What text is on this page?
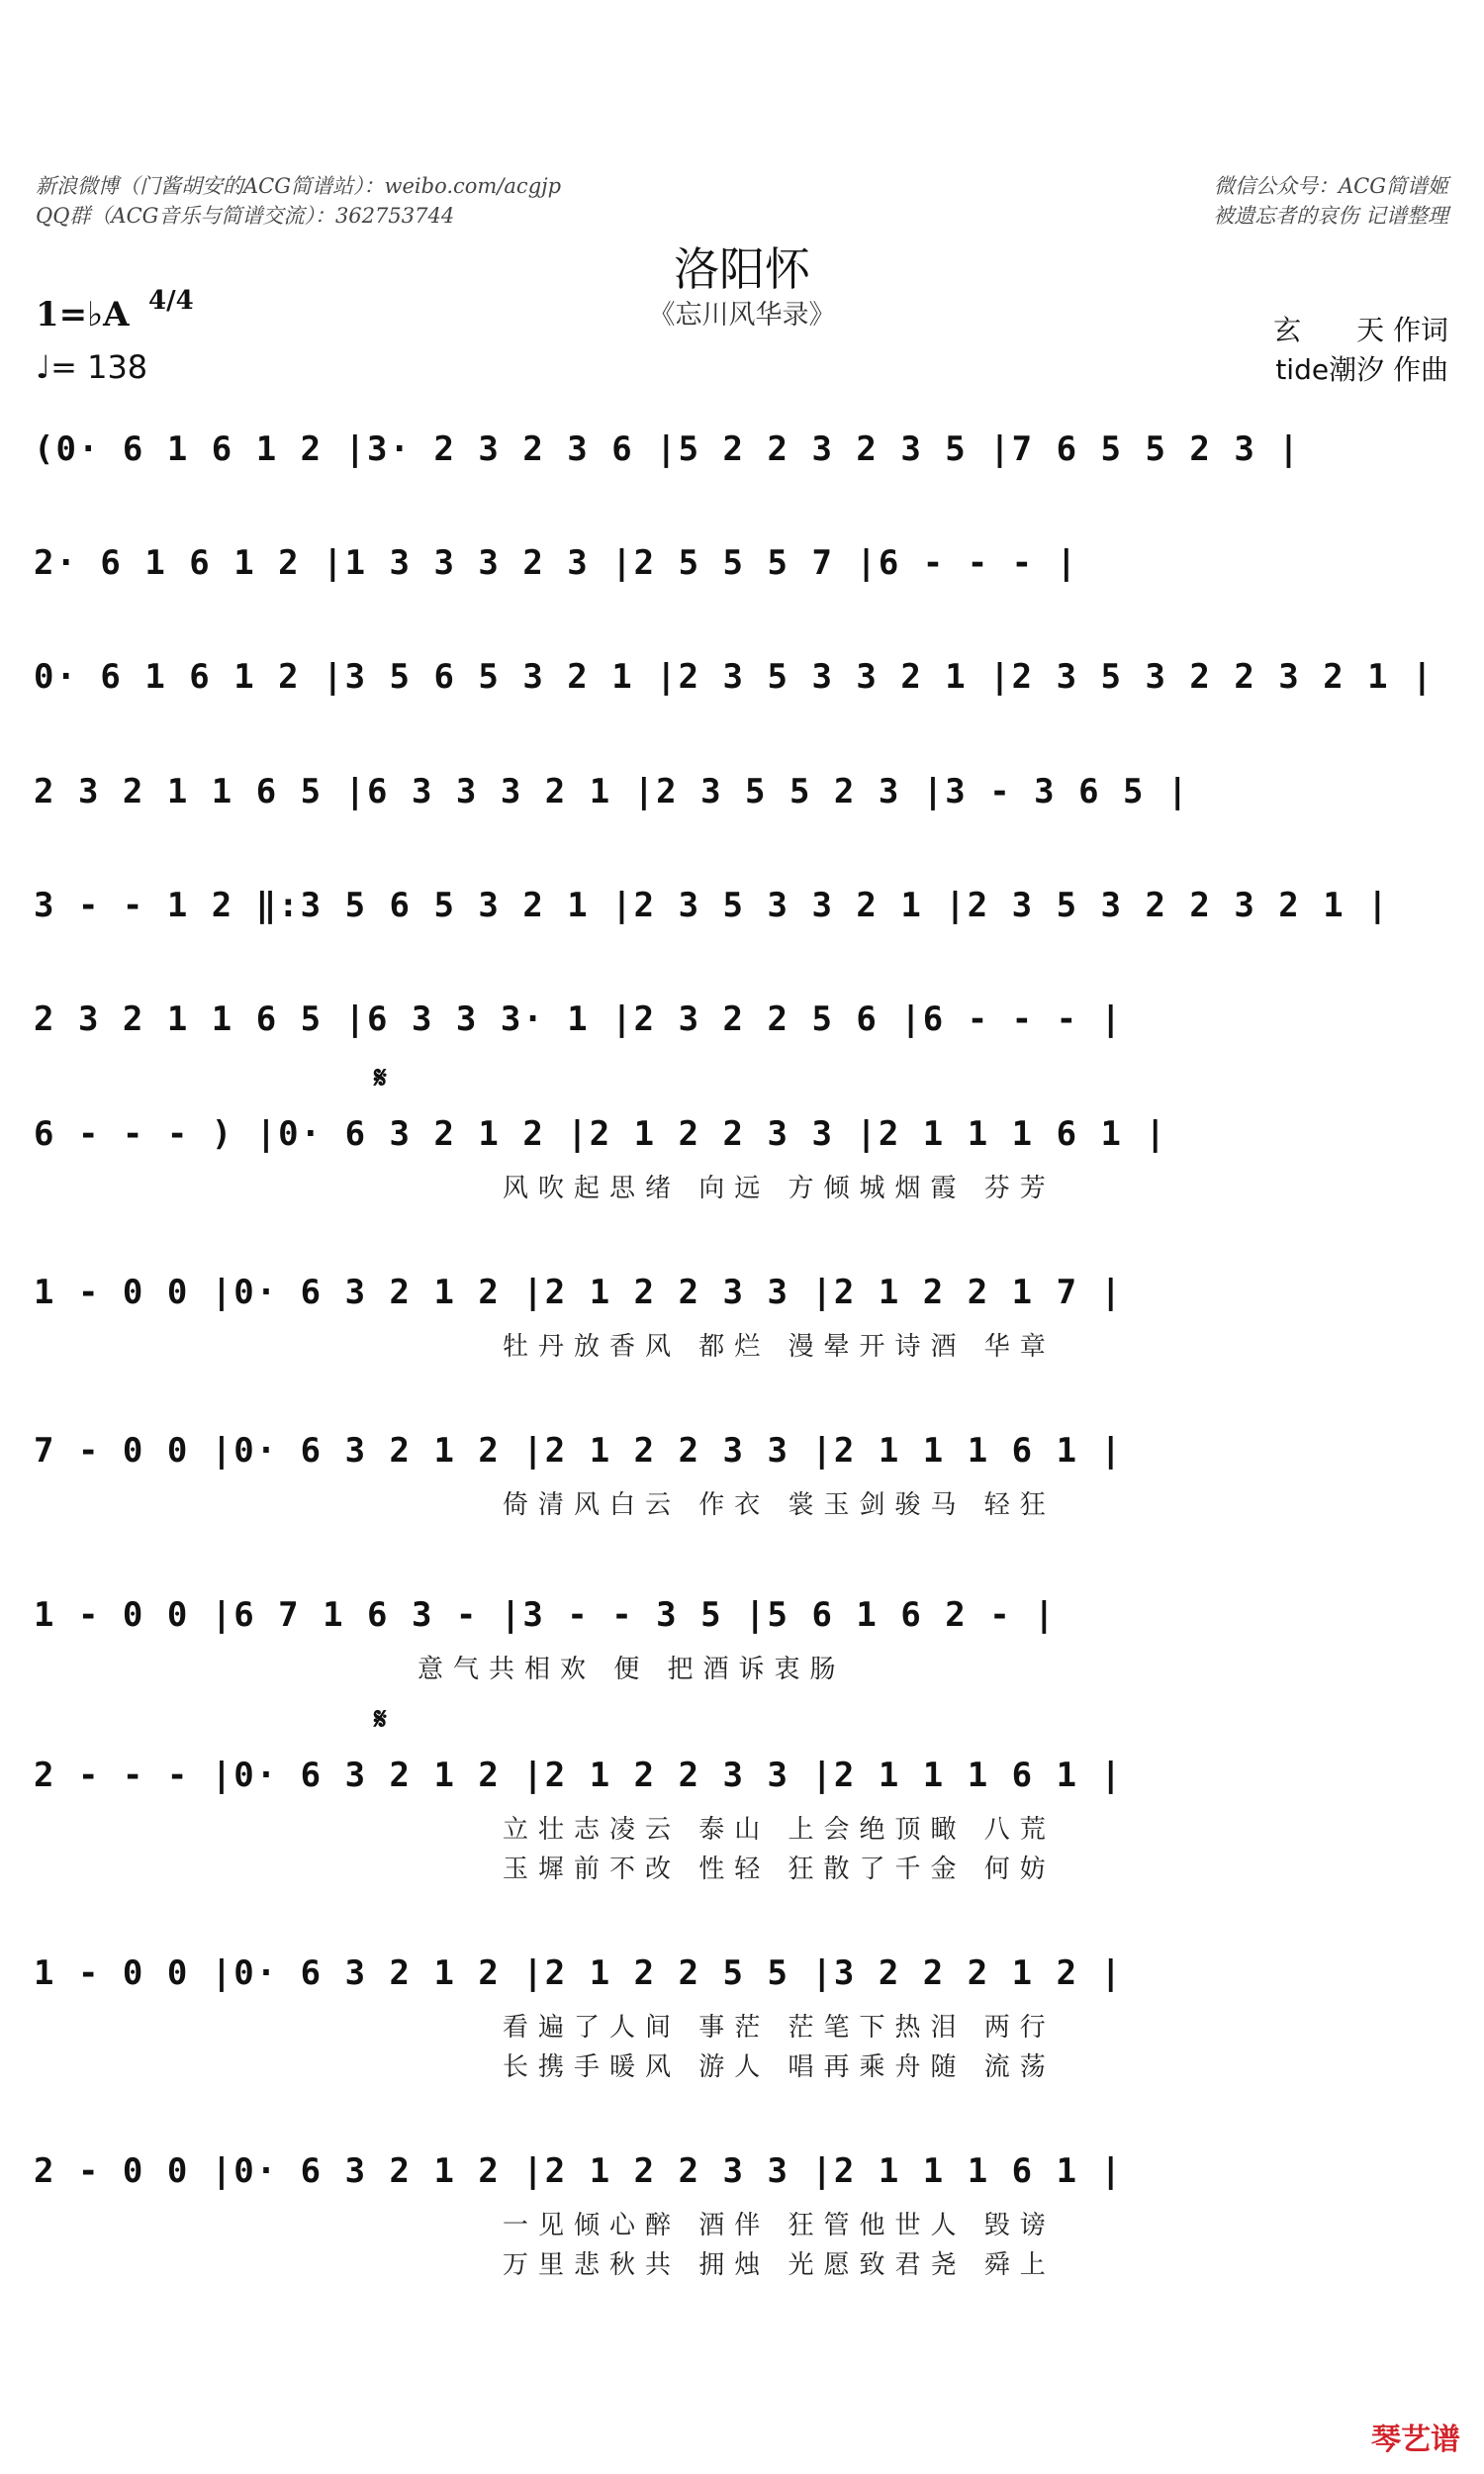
新浪微博（门酱胡安的ACG简谱站）：weibo.com/acgjp
QQ群（ACG音乐与简谱交流）：362753744
微信公众号：ACG简谱姬
被遗忘者的哀伤 记谱整理
洛阳怀
《忘川风华录》
1=♭A 4/4
♩= 138
玄　　天 作词
tide潮汐 作曲
(0· 6 1 6 1 2 |3· 2 3 2 3 6 |5 2 2 3 2 3 5 |7 6 5 5 2 3 |
2· 6 1 6 1 2 |1 3 3 3 2 3 |2 5 5 5 7 |6 - - - |
0· 6 1 6 1 2 |3 5 6 5 3 2 1 |2 3 5 3 3 2 1 |2 3 5 3 2 2 3 2 1 |
2 3 2 1 1 6 5 |6 3 3 3 2 1 |2 3 5 5 2 3 |3 - 3 6 5 |
3 - - 1 2 ‖:3 5 6 5 3 2 1 |2 3 5 3 3 2 1 |2 3 5 3 2 2 3 2 1 |
2 3 2 1 1 6 5 |6 3 3 3· 1 |2 3 2 2 5 6 |6 - - - |
𝄋
6 - - - ) |0· 6 3 2 1 2 |2 1 2 2 3 3 |2 1 1 1 6 1 |
风吹起思绪 向远 方倾城烟霞 芬芳
1 - 0 0 |0· 6 3 2 1 2 |2 1 2 2 3 3 |2 1 2 2 1 7 |
牡丹放香风 都烂 漫晕开诗酒 华章
7 - 0 0 |0· 6 3 2 1 2 |2 1 2 2 3 3 |2 1 1 1 6 1 |
倚清风白云 作衣 裳玉剑骏马 轻狂
1 - 0 0 |6 7 1 6 3 - |3 - - 3 5 |5 6 1 6 2 - |
意气共相欢 便 把酒诉衷肠
𝄋
2 - - - |0· 6 3 2 1 2 |2 1 2 2 3 3 |2 1 1 1 6 1 |
立壮志凌云 泰山 上会绝顶瞰 八荒
玉墀前不改 性轻 狂散了千金 何妨
1 - 0 0 |0· 6 3 2 1 2 |2 1 2 2 5 5 |3 2 2 2 1 2 |
看遍了人间 事茫 茫笔下热泪 两行
长携手暖风 游人 唱再乘舟随 流荡
2 - 0 0 |0· 6 3 2 1 2 |2 1 2 2 3 3 |2 1 1 1 6 1 |
一见倾心醉 酒伴 狂管他世人 毁谤
万里悲秋共 拥烛 光愿致君尧 舜上
琴艺谱
